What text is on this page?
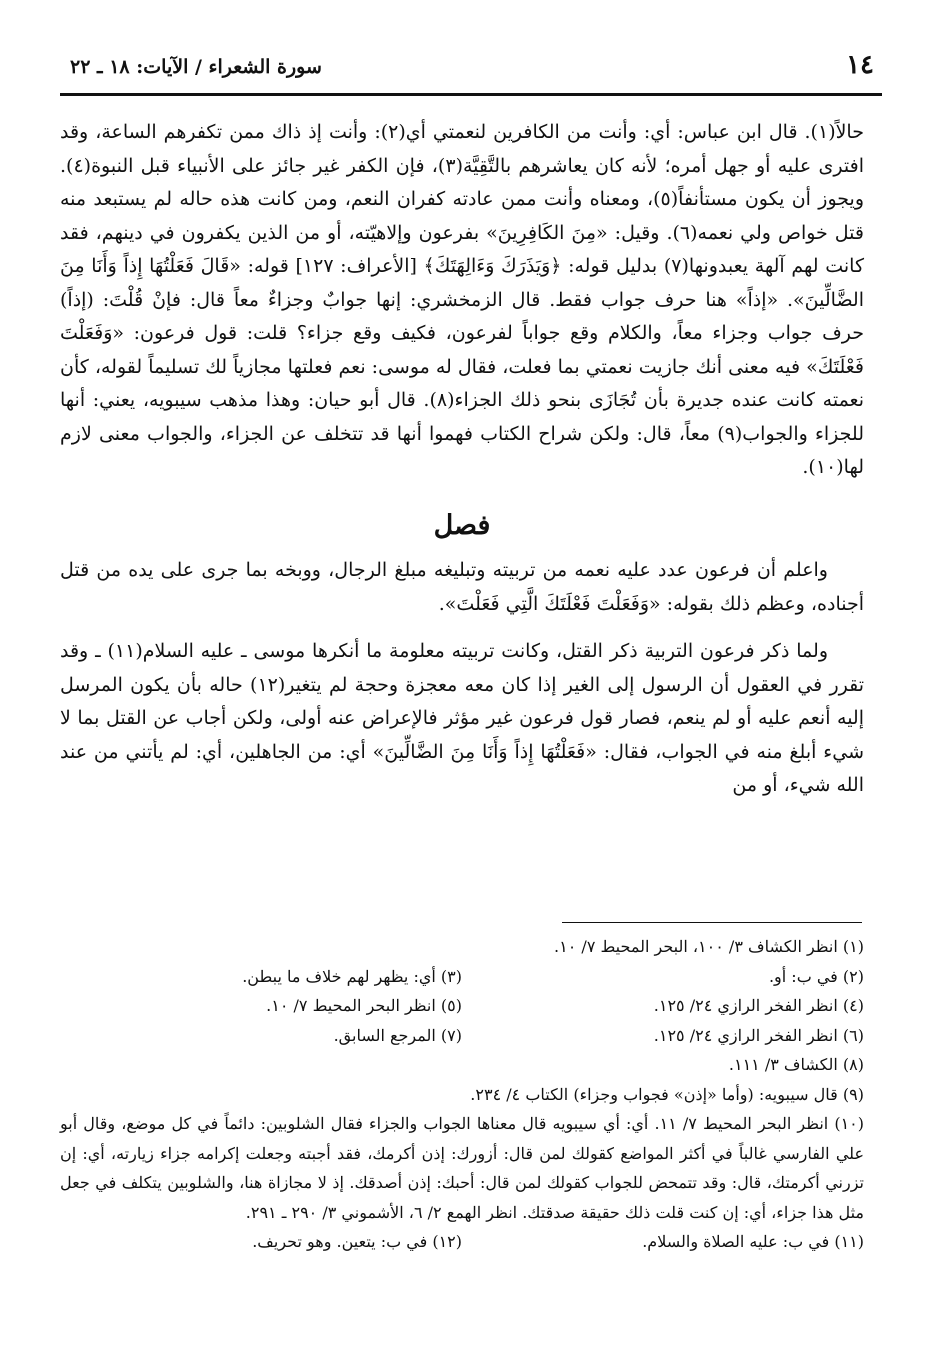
١٤
سورة الشعراء / الآيات: ١٨ ـ ٢٢

حالاً(١). قال ابن عباس: أي: وأنت من الكافرين لنعمتي أي(٢): وأنت إذ ذاك ممن تكفرهم الساعة، وقد افترى عليه أو جهل أمره؛ لأنه كان يعاشرهم بالتَّقِيَّة(٣)، فإن الكفر غير جائز على الأنبياء قبل النبوة(٤). ويجوز أن يكون مستأنفاً(٥)، ومعناه وأنت ممن عادته كفران النعم، ومن كانت هذه حاله لم يستبعد منه قتل خواص ولي نعمه(٦). وقيل: «مِنَ الكَافِرِينَ» بفرعون وإلاهيّته، أو من الذين يكفرون في دينهم، فقد كانت لهم آلهة يعبدونها(٧) بدليل قوله: ﴿وَيَذَرَكَ وَءَالِهَتَكَ﴾ [الأعراف: ١٢٧] قوله: «قَالَ فَعَلْتُهَا إِذاً وَأَنَا مِنَ الضَّالِّينَ». «إذاً» هنا حرف جواب فقط. قال الزمخشري: إنها جوابٌ وجزاءٌ معاً قال: فإنْ قُلْتَ: (إذاً) حرف جواب وجزاء معاً، والكلام وقع جواباً لفرعون، فكيف وقع جزاء؟ قلت: قول فرعون: «وَفَعَلْتَ فَعْلَتَكَ» فيه معنى أنك جازيت نعمتي بما فعلت، فقال له موسى: نعم فعلتها مجازياً لك تسليماً لقوله، كأن نعمته كانت عنده جديرة بأن تُجَازَى بنحو ذلك الجزاء(٨). قال أبو حيان: وهذا مذهب سيبويه، يعني: أنها للجزاء والجواب(٩) معاً، قال: ولكن شراح الكتاب فهموا أنها قد تتخلف عن الجزاء، والجواب معنى لازم لها(١٠).

فصل

واعلم أن فرعون عدد عليه نعمه من تربيته وتبليغه مبلغ الرجال، ووبخه بما جرى على يده من قتل أجناده، وعظم ذلك بقوله: «وَفَعَلْتَ فَعْلَتَكَ الَّتِي فَعَلْتَ».

ولما ذكر فرعون التربية ذكر القتل، وكانت تربيته معلومة ما أنكرها موسى ـ عليه السلام(١١) ـ وقد تقرر في العقول أن الرسول إلى الغير إذا كان معه معجزة وحجة لم يتغير(١٢) حاله بأن يكون المرسل إليه أنعم عليه أو لم ينعم، فصار قول فرعون غير مؤثر فالإعراض عنه أولى، ولكن أجاب عن القتل بما لا شيء أبلغ منه في الجواب، فقال: «فَعَلْتُهَا إِذاً وَأَنَا مِنَ الضَّالِّينَ» أي: من الجاهلين، أي: لم يأتني من عند الله شيء، أو من

(١) انظر الكشاف ٣/ ١٠٠، البحر المحيط ٧/ ١٠.
(٢) في ب: أو.
(٣) أي: يظهر لهم خلاف ما يبطن.
(٤) انظر الفخر الرازي ٢٤/ ١٢٥.
(٥) انظر البحر المحيط ٧/ ١٠.
(٦) انظر الفخر الرازي ٢٤/ ١٢٥.
(٧) المرجع السابق.
(٨) الكشاف ٣/ ١١١.
(٩) قال سيبويه: (وأما «إذن» فجواب وجزاء) الكتاب ٤/ ٢٣٤.
(١٠) انظر البحر المحيط ٧/ ١١. أي: أي سيبويه قال معناها الجواب والجزاء فقال الشلوبين: دائماً في كل موضع، وقال أبو علي الفارسي غالباً في أكثر المواضع كقولك لمن قال: أزورك: إذن أكرمك، فقد أجبته وجعلت إكرامه جزاء زيارته، أي: إن تزرني أكرمتك، قال: وقد تتمحض للجواب كقولك لمن قال: أحبك: إذن أصدقك. إذ لا مجازاة هنا، والشلوبين يتكلف في جعل مثل هذا جزاء، أي: إن كنت قلت ذلك حقيقة صدقتك. انظر الهمع ٢/ ٦، الأشموني ٣/ ٢٩٠ ـ ٢٩١.
(١١) في ب: عليه الصلاة والسلام.
(١٢) في ب: يتعين. وهو تحريف.
